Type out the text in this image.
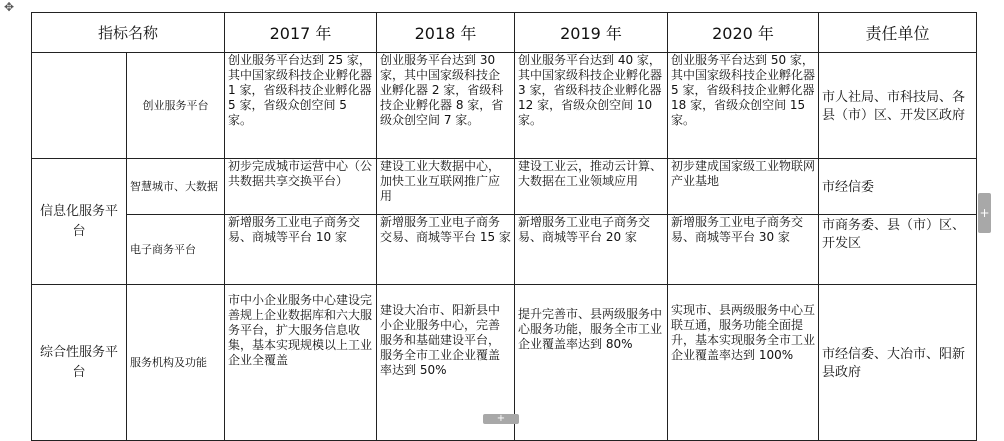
✥
指标名称		2017 年	2018 年	2019 年	2020 年	责任单位
	创业服务平台	创业服务平台达到 25 家，其中国家级科技企业孵化器 1 家，省级科技企业孵化器 5 家，省级众创空间 5 家。	创业服务平台达到 30 家，其中国家级科技企业孵化器 2 家，省级科技企业孵化器 8 家，省级众创空间 7 家。	创业服务平台达到 40 家，其中国家级科技企业孵化器 3 家，省级科技企业孵化器 12 家，省级众创空间 10 家。	创业服务平台达到 50 家，其中国家级科技企业孵化器 5 家，省级科技企业孵化器 18 家，省级众创空间 15 家。	市人社局、市科技局、各县（市）区、开发区政府
信息化服务平台	智慧城市、大数据	初步完成城市运营中心（公共数据共享交换平台）	建设工业大数据中心，加快工业互联网推广应用	建设工业云，推动云计算、大数据在工业领域应用	初步建成国家级工业物联网产业基地	市经信委
	电子商务平台	新增服务工业电子商务交易、商城等平台 10 家	新增服务工业电子商务交易、商城等平台 15 家	新增服务工业电子商务交易、商城等平台 20 家	新增服务工业电子商务交易、商城等平台 30 家	市商务委、县（市）区、开发区
综合性服务平台	服务机构及功能	市中小企业服务中心建设完善规上企业数据库和六大服务平台，扩大服务信息收集，基本实现规模以上工业企业全覆盖	建设大冶市、阳新县中小企业服务中心，完善服务和基础建设平台，服务全市工业企业覆盖率达到 50%	提升完善市、县两级服务中心服务功能，服务全市工业企业覆盖率达到 80%	实现市、县两级服务中心互联互通，服务功能全面提升，基本实现服务全市工业企业覆盖率达到 100%	市经信委、大冶市、阳新县政府
+
+
